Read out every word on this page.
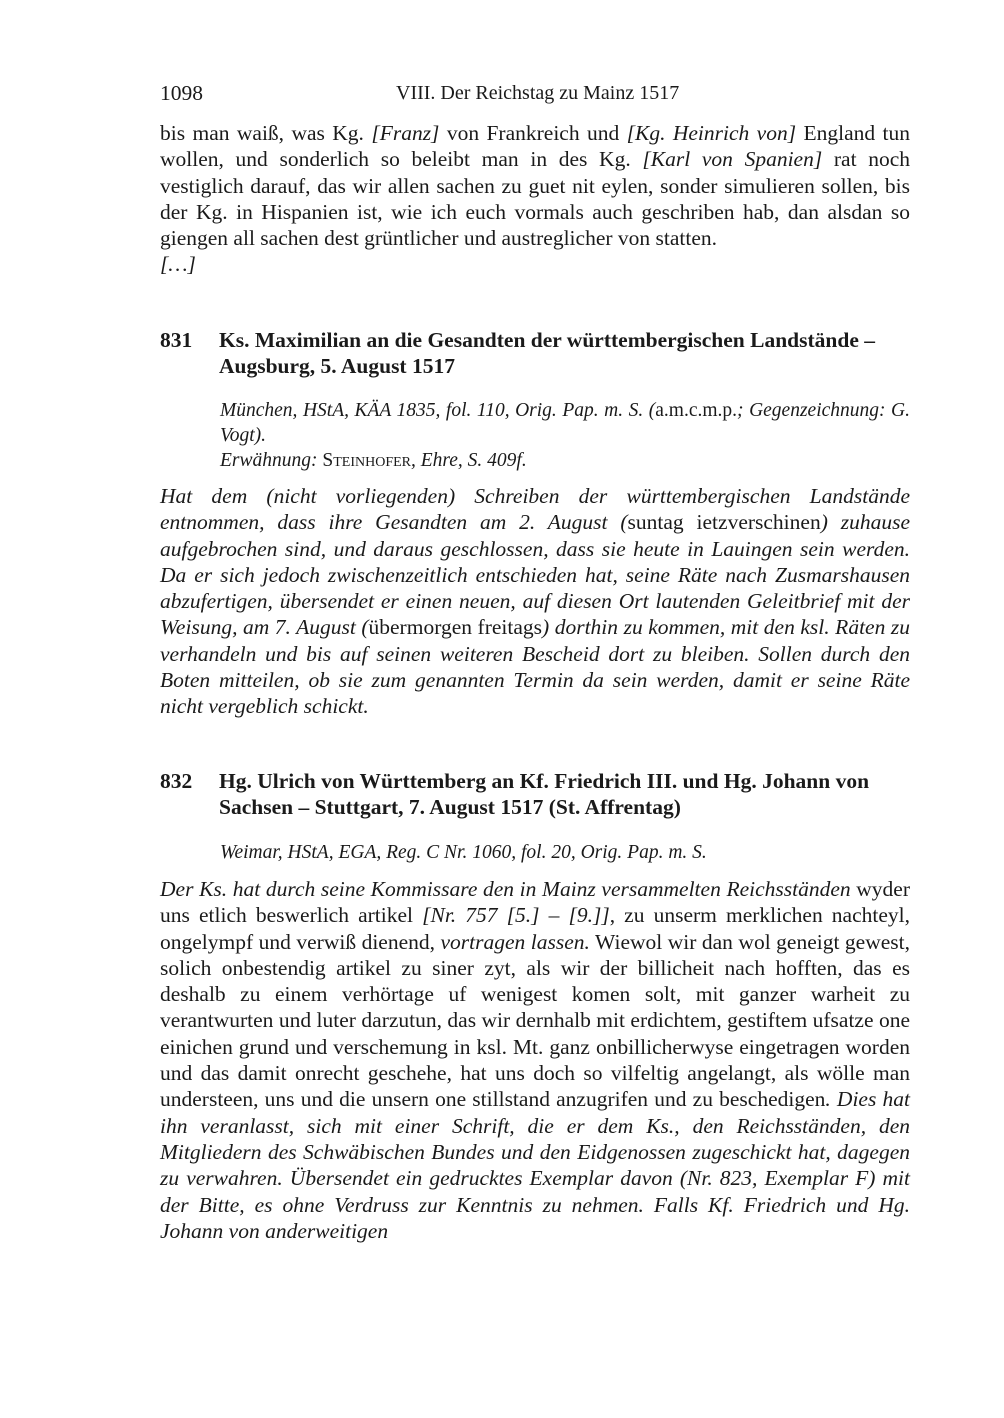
1098	VIII. Der Reichstag zu Mainz 1517
bis man waiß, was Kg. [Franz] von Frankreich und [Kg. Heinrich von] England tun wollen, und sonderlich so beleibt man in des Kg. [Karl von Spanien] rat noch vestiglich darauf, das wir allen sachen zu guet nit eylen, sonder simulieren sollen, bis der Kg. in Hispanien ist, wie ich euch vormals auch geschriben hab, dan alsdan so giengen all sachen dest grüntlicher und austreglicher von statten.
[…]
831	Ks. Maximilian an die Gesandten der württembergischen Landstände – Augsburg, 5. August 1517
München, HStA, KÄA 1835, fol. 110, Orig. Pap. m. S. (a.m.c.m.p.; Gegenzeichnung: G. Vogt).
Erwähnung: Steinhofer, Ehre, S. 409f.
Hat dem (nicht vorliegenden) Schreiben der württembergischen Landstände entnommen, dass ihre Gesandten am 2. August (suntag ietzverschinen) zuhause aufgebrochen sind, und daraus geschlossen, dass sie heute in Lauingen sein werden. Da er sich jedoch zwischenzeitlich entschieden hat, seine Räte nach Zusmarshausen abzufertigen, übersendet er einen neuen, auf diesen Ort lautenden Geleitbrief mit der Weisung, am 7. August (übermorgen freitags) dorthin zu kommen, mit den ksl. Räten zu verhandeln und bis auf seinen weiteren Bescheid dort zu bleiben. Sollen durch den Boten mitteilen, ob sie zum genannten Termin da sein werden, damit er seine Räte nicht vergeblich schickt.
832	Hg. Ulrich von Württemberg an Kf. Friedrich III. und Hg. Johann von Sachsen – Stuttgart, 7. August 1517 (St. Affrentag)
Weimar, HStA, EGA, Reg. C Nr. 1060, fol. 20, Orig. Pap. m. S.
Der Ks. hat durch seine Kommissare den in Mainz versammelten Reichsständen wyder uns etlich beswerlich artikel [Nr. 757 [5.] – [9.]], zu unserm merklichen nachteyl, ongelympf und verwiß dienend, vortragen lassen. Wiewol wir dan wol geneigt gewest, solich onbestendig artikel zu siner zyt, als wir der billicheit nach hofften, das es deshalb zu einem verhörtage uf wenigest komen solt, mit ganzer warheit zu verantwurten und luter darzutun, das wir dernhalb mit erdichtem, gestiftem ufsatze one einichen grund und verschemung in ksl. Mt. ganz onbillicherwyse eingetragen worden und das damit onrecht geschehe, hat uns doch so vilfeltig angelangt, als wölle man understeen, uns und die unsern one stillstand anzugrifen und zu beschedigen. Dies hat ihn veranlasst, sich mit einer Schrift, die er dem Ks., den Reichsständen, den Mitgliedern des Schwäbischen Bundes und den Eidgenossen zugeschickt hat, dagegen zu verwahren. Übersendet ein gedrucktes Exemplar davon (Nr. 823, Exemplar F) mit der Bitte, es ohne Verdruss zur Kenntnis zu nehmen. Falls Kf. Friedrich und Hg. Johann von anderweitigen
